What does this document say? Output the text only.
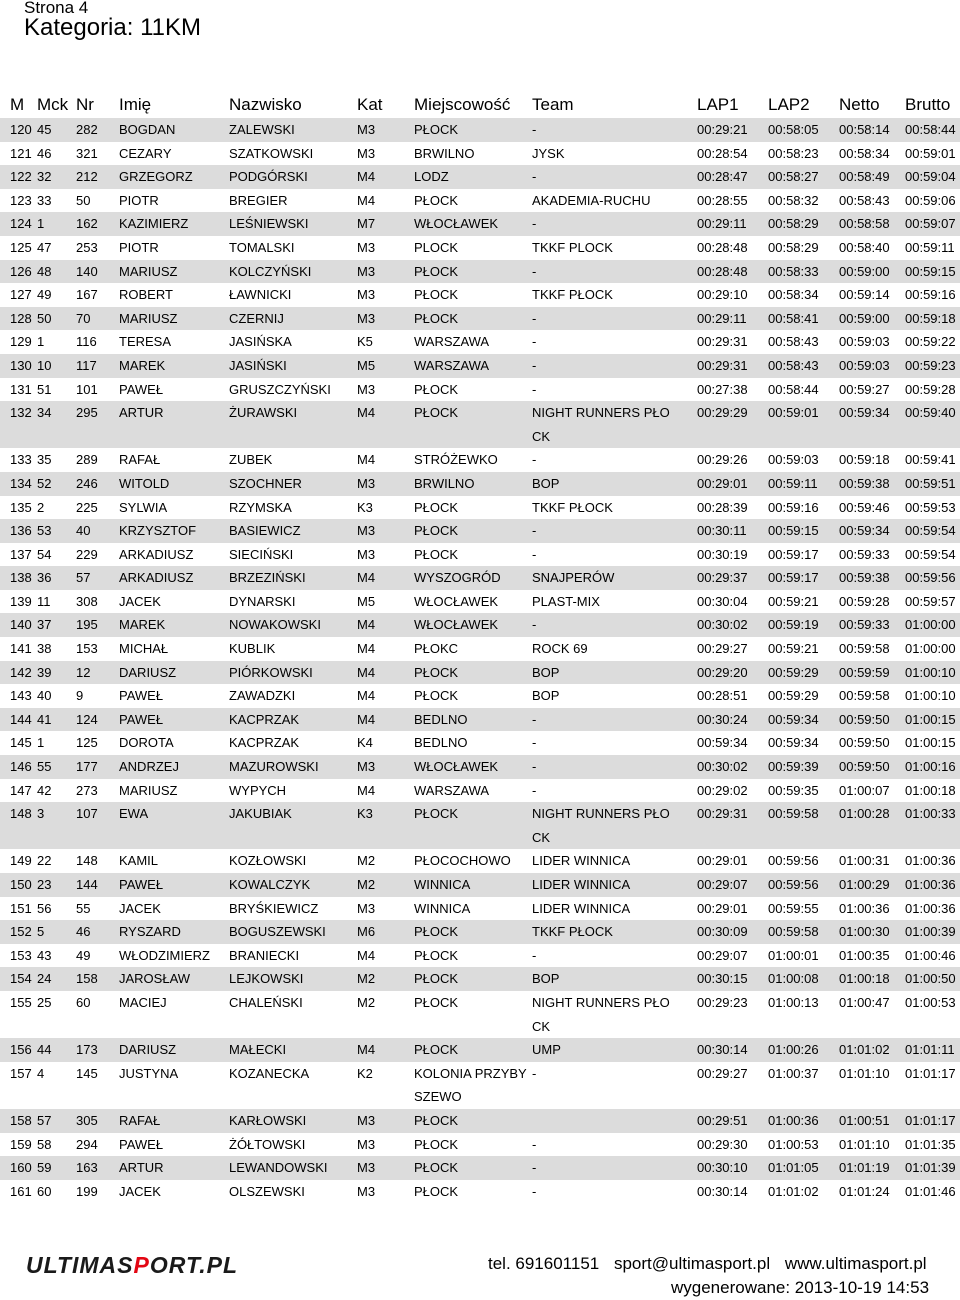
Strona 4
Kategoria: 11KM
M	Mck	Nr	Imię	Nazwisko	Kat	Miejscowość	Team	LAP1	LAP2	Netto	Brutto
120	45	282	BOGDAN	ZALEWSKI	M3	PŁOCK	-	00:29:21	00:58:05	00:58:14	00:58:44
121	46	321	CEZARY	SZATKOWSKI	M3	BRWILNO	JYSK	00:28:54	00:58:23	00:58:34	00:59:01
122	32	212	GRZEGORZ	PODGÓRSKI	M4	LODZ	-	00:28:47	00:58:27	00:58:49	00:59:04
123	33	50	PIOTR	BREGIER	M4	PŁOCK	AKADEMIA-RUCHU	00:28:55	00:58:32	00:58:43	00:59:06
124	1	162	KAZIMIERZ	LEŚNIEWSKI	M7	WŁOCŁAWEK	-	00:29:11	00:58:29	00:58:58	00:59:07
125	47	253	PIOTR	TOMALSKI	M3	PLOCK	TKKF PLOCK	00:28:48	00:58:29	00:58:40	00:59:11
126	48	140	MARIUSZ	KOLCZYŃSKI	M3	PŁOCK	-	00:28:48	00:58:33	00:59:00	00:59:15
127	49	167	ROBERT	ŁAWNICKI	M3	PŁOCK	TKKF PŁOCK	00:29:10	00:58:34	00:59:14	00:59:16
128	50	70	MARIUSZ	CZERNIJ	M3	PŁOCK	-	00:29:11	00:58:41	00:59:00	00:59:18
129	1	116	TERESA	JASIŃSKA	K5	WARSZAWA	-	00:29:31	00:58:43	00:59:03	00:59:22
130	10	117	MAREK	JASIŃSKI	M5	WARSZAWA	-	00:29:31	00:58:43	00:59:03	00:59:23
131	51	101	PAWEŁ	GRUSZCZYŃSKI	M3	PŁOCK	-	00:27:38	00:58:44	00:59:27	00:59:28
132	34	295	ARTUR	ŻURAWSKI	M4	PŁOCK	NIGHT RUNNERS PŁOCK	00:29:29	00:59:01	00:59:34	00:59:40
133	35	289	RAFAŁ	ZUBEK	M4	STRÓŻEWKO	-	00:29:26	00:59:03	00:59:18	00:59:41
134	52	246	WITOLD	SZOCHNER	M3	BRWILNO	BOP	00:29:01	00:59:11	00:59:38	00:59:51
135	2	225	SYLWIA	RZYMSKA	K3	PŁOCK	TKKF PŁOCK	00:28:39	00:59:16	00:59:46	00:59:53
136	53	40	KRZYSZTOF	BASIEWICZ	M3	PŁOCK	-	00:30:11	00:59:15	00:59:34	00:59:54
137	54	229	ARKADIUSZ	SIECIŃSKI	M3	PŁOCK	-	00:30:19	00:59:17	00:59:33	00:59:54
138	36	57	ARKADIUSZ	BRZEZIŃSKI	M4	WYSZOGRÓD	SNAJPERÓW	00:29:37	00:59:17	00:59:38	00:59:56
139	11	308	JACEK	DYNARSKI	M5	WŁOCŁAWEK	PLAST-MIX	00:30:04	00:59:21	00:59:28	00:59:57
140	37	195	MAREK	NOWAKOWSKI	M4	WŁOCŁAWEK	-	00:30:02	00:59:19	00:59:33	01:00:00
141	38	153	MICHAŁ	KUBLIK	M4	PŁOKC	ROCK 69	00:29:27	00:59:21	00:59:58	01:00:00
142	39	12	DARIUSZ	PIÓRKOWSKI	M4	PŁOCK	BOP	00:29:20	00:59:29	00:59:59	01:00:10
143	40	9	PAWEŁ	ZAWADZKI	M4	PŁOCK	BOP	00:28:51	00:59:29	00:59:58	01:00:10
144	41	124	PAWEŁ	KACPRZAK	M4	BEDLNO	-	00:30:24	00:59:34	00:59:50	01:00:15
145	1	125	DOROTA	KACPRZAK	K4	BEDLNO	-	00:59:34	00:59:34	00:59:50	01:00:15
146	55	177	ANDRZEJ	MAZUROWSKI	M3	WŁOCŁAWEK	-	00:30:02	00:59:39	00:59:50	01:00:16
147	42	273	MARIUSZ	WYPYCH	M4	WARSZAWA	-	00:29:02	00:59:35	01:00:07	01:00:18
148	3	107	EWA	JAKUBIAK	K3	PŁOCK	NIGHT RUNNERS PŁOCK	00:29:31	00:59:58	01:00:28	01:00:33
149	22	148	KAMIL	KOZŁOWSKI	M2	PŁOCOCHOWO	LIDER WINNICA	00:29:01	00:59:56	01:00:31	01:00:36
150	23	144	PAWEŁ	KOWALCZYK	M2	WINNICA	LIDER WINNICA	00:29:07	00:59:56	01:00:29	01:00:36
151	56	55	JACEK	BRYŚKIEWICZ	M3	WINNICA	LIDER WINNICA	00:29:01	00:59:55	01:00:36	01:00:36
152	5	46	RYSZARD	BOGUSZEWSKI	M6	PŁOCK	TKKF PŁOCK	00:30:09	00:59:58	01:00:30	01:00:39
153	43	49	WŁODZIMIERZ	BRANIECKI	M4	PŁOCK	-	00:29:07	01:00:01	01:00:35	01:00:46
154	24	158	JAROSŁAW	LEJKOWSKI	M2	PŁOCK	BOP	00:30:15	01:00:08	01:00:18	01:00:50
155	25	60	MACIEJ	CHALEŃSKI	M2	PŁOCK	NIGHT RUNNERS PŁOCK	00:29:23	01:00:13	01:00:47	01:00:53
156	44	173	DARIUSZ	MAŁECKI	M4	PŁOCK	UMP	00:30:14	01:00:26	01:01:02	01:01:11
157	4	145	JUSTYNA	KOZANECKA	K2	KOLONIA PRZYBYSZEWO	-	00:29:27	01:00:37	01:01:10	01:01:17
158	57	305	RAFAŁ	KARŁOWSKI	M3	PŁOCK		00:29:51	01:00:36	01:00:51	01:01:17
159	58	294	PAWEŁ	ŻÓŁTOWSKI	M3	PŁOCK	-	00:29:30	01:00:53	01:01:10	01:01:35
160	59	163	ARTUR	LEWANDOWSKI	M3	PŁOCK	-	00:30:10	01:01:05	01:01:19	01:01:39
161	60	199	JACEK	OLSZEWSKI	M3	PŁOCK	-	00:30:14	01:01:02	01:01:24	01:01:46
ULTIMASPORT.PL	tel. 691601151 sport@ultimasport.pl www.ultimasport.pl
wygenerowane: 2013-10-19 14:53
